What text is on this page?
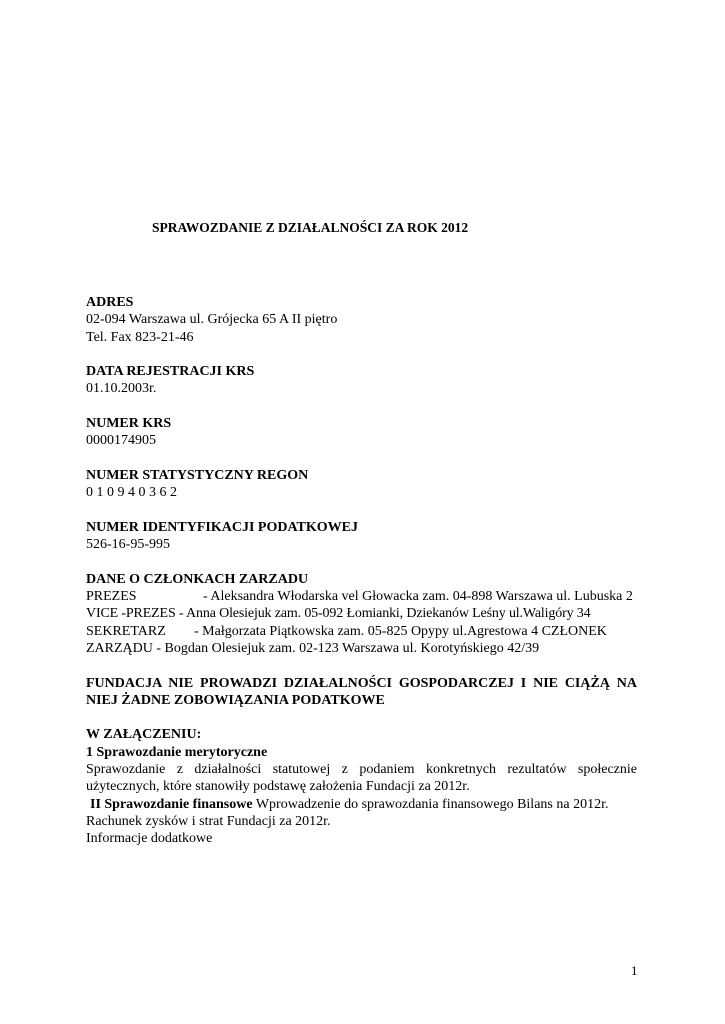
SPRAWOZDANIE Z DZIAŁALNOŚCI ZA ROK 2012
ADRES
02-094 Warszawa ul. Grójecka 65 A II piętro
Tel. Fax 823-21-46
DATA REJESTRACJI KRS
01.10.2003r.
NUMER KRS
0000174905
NUMER STATYSTYCZNY REGON
0 1 0 9 4 0 3 6 2
NUMER IDENTYFIKACJI PODATKOWEJ
526-16-95-995
DANE O CZŁONKACH ZARZADU
PREZES	- Aleksandra Włodarska vel Głowacka zam. 04-898 Warszawa ul. Lubuska 2
VICE -PREZES - Anna Olesiejuk zam. 05-092 Łomianki, Dziekanów Leśny ul.Waligóry 34
SEKRETARZ - Małgorzata Piątkowska zam. 05-825 Opypy ul.Agrestowa 4 CZŁONEK
ZARZĄDU - Bogdan Olesiejuk zam. 02-123 Warszawa ul. Korotyńskiego 42/39
FUNDACJA NIE PROWADZI DZIAŁALNOŚCI GOSPODARCZEJ I NIE CIĄŻĄ NA NIEJ ŻADNE ZOBOWIĄZANIA PODATKOWE
W ZAŁĄCZENIU:
1 Sprawozdanie merytoryczne
Sprawozdanie z działalności statutowej z podaniem konkretnych rezultatów społecznie użytecznych, które stanowiły podstawę założenia Fundacji za 2012r.
II Sprawozdanie finansowe Wprowadzenie do sprawozdania finansowego Bilans na 2012r.
Rachunek zysków i strat Fundacji za 2012r.
Informacje dodatkowe
1
